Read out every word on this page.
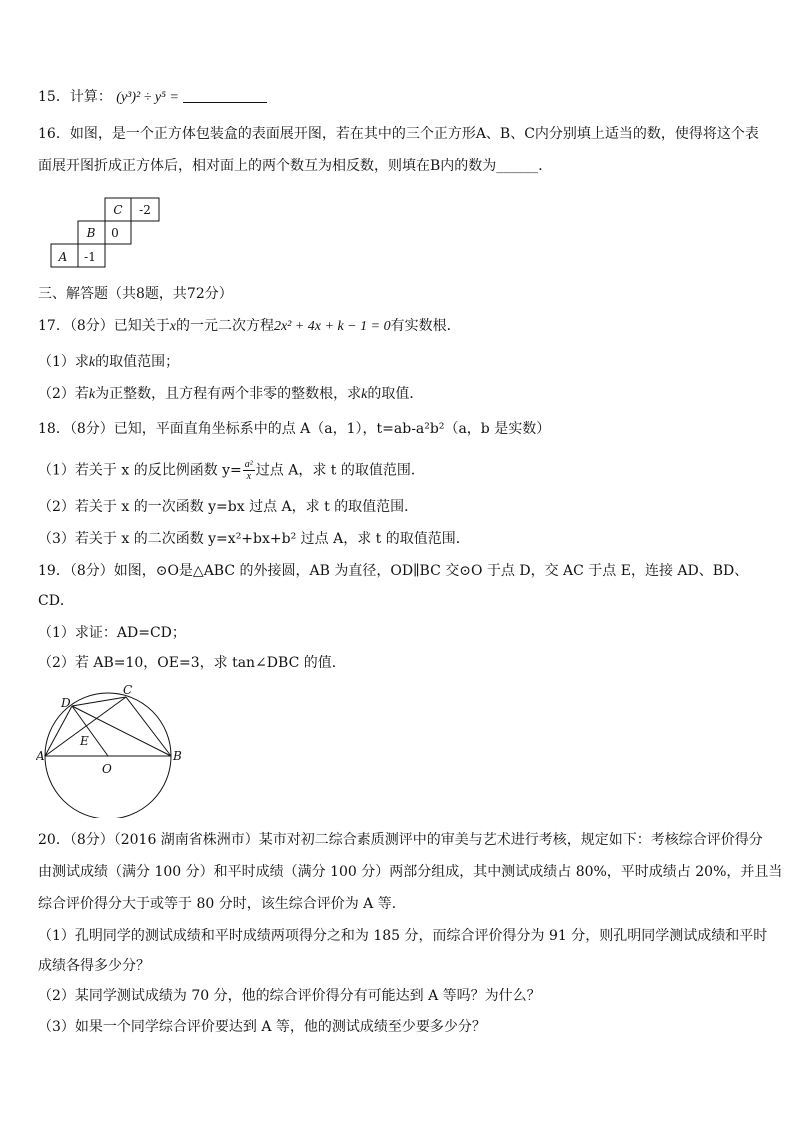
15．计算： (y³)² ÷ y⁵ =
16．如图，是一个正方体包装盒的表面展开图，若在其中的三个正方形A、B、C内分别填上适当的数，使得将这个表
面展开图折成正方体后，相对面上的两个数互为相反数，则填在B内的数为______．
C -2
B 0
A -1
三、解答题（共8题，共72分）
17．（8分）已知关于x的一元二次方程2x² + 4x + k − 1 = 0有实数根．
（1）求k的取值范围；
（2）若k为正整数，且方程有两个非零的整数根，求k的取值．
18．（8分）已知，平面直角坐标系中的点 A（a，1），t=ab-a²b²（a，b 是实数）
（1）若关于 x 的反比例函数 $y= \frac{\text{a²}}{x}$ 过点 A，求 t 的取值范围．
（2）若关于 x 的一次函数 y=bx 过点 A，求 t 的取值范围．
（3）若关于 x 的二次函数 y=x²+bx+b² 过点 A，求 t 的取值范围．
19．（8分）如图，⊙O是△ABC 的外接圆，AB 为直径，OD∥BC 交⊙O 于点 D，交 AC 于点 E，连接 AD、BD、
CD．
（1）求证：AD=CD；
（2）若 AB=10，OE=3，求 tan∠DBC 的值．
D
C
E
A
O
B
20．（8分）（2016 湖南省株洲市）某市对初二综合素质测评中的审美与艺术进行考核，规定如下：考核综合评价得分
由测试成绩（满分 100 分）和平时成绩（满分 100 分）两部分组成，其中测试成绩占 80%，平时成绩占 20%，并且当
综合评价得分大于或等于 80 分时，该生综合评价为 A 等．
（1）孔明同学的测试成绩和平时成绩两项得分之和为 185 分，而综合评价得分为 91 分，则孔明同学测试成绩和平时
成绩各得多少分？
（2）某同学测试成绩为 70 分，他的综合评价得分有可能达到 A 等吗？为什么？
（3）如果一个同学综合评价要达到 A 等，他的测试成绩至少要多少分？
